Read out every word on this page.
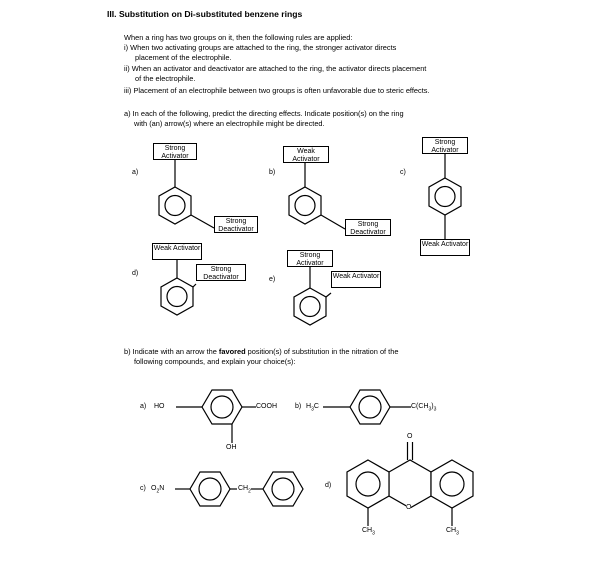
III. Substitution on Di-substituted benzene rings
When a ring has two groups on it, then the following rules are applied:
i) When two activating groups are attached to the ring, the stronger activator directs
placement of the electrophile.
ii) When an activator and deactivator are attached to the ring, the activator directs placement
of the electrophile.
iii) Placement of an electrophile between two groups is often unfavorable due to steric effects.
a) In each of the following, predict the directing effects. Indicate position(s) on the ring
with (an) arrow(s) where an electrophile might be directed.
a)	b)	c)
d)
e)
Strong Activator
Strong Deactivator
Weak Activator
Strong Deactivator
Strong Activator
Weak Activator
Weak Activator
Strong Deactivator
Strong Activator
Weak Activator
b) Indicate with an arrow the favored position(s) of substitution in the nitration of the
following compounds, and explain your choice(s):
a)	b)
c)	d)
HO	COOH
OH
$H_3C$	$C(CH_3)_3$
$O_2N$	$CH_2$
O
O
$CH_3$	$CH_3$
